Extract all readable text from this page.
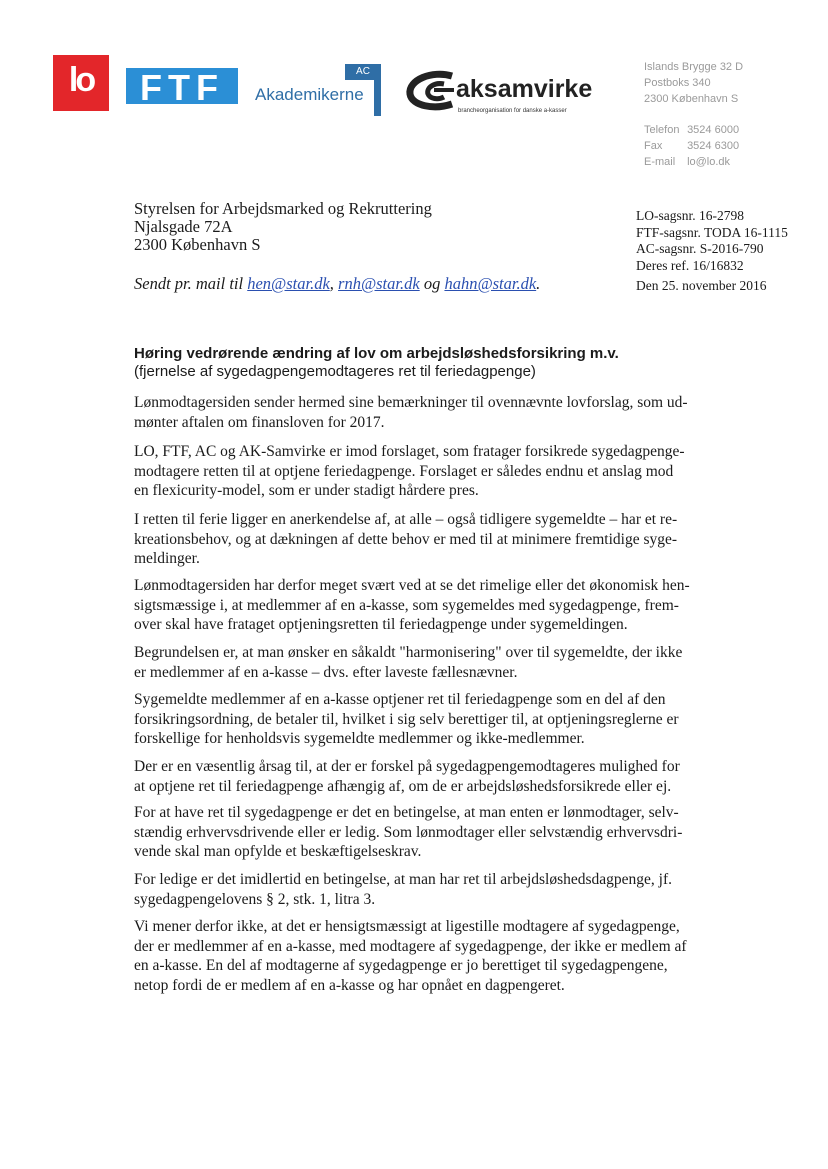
lo	FTF	AC
Akademikerne	aksamvirke
brancheorganisation for danske a-kasser
Islands Brygge 32 D
Postboks 340
2300 København S
Telefon 3524 6000
Fax 3524 6300
E-mail lo@lo.dk
Styrelsen for Arbejdsmarked og Rekruttering
Njalsgade 72A
2300 København S
Sendt pr. mail til hen@star.dk, rnh@star.dk og hahn@star.dk.
LO-sagsnr. 16-2798
FTF-sagsnr. TODA 16-1115
AC-sagsnr. S-2016-790
Deres ref. 16/16832
Den 25. november 2016
Høring vedrørende ændring af lov om arbejdsløshedsforsikring m.v.
(fjernelse af sygedagpengemodtageres ret til feriedagpenge)
Lønmodtagersiden sender hermed sine bemærkninger til ovennævnte lovforslag, som ud-
mønter aftalen om finansloven for 2017.
LO, FTF, AC og AK-Samvirke er imod forslaget, som fratager forsikrede sygedagpenge-
modtagere retten til at optjene feriedagpenge. Forslaget er således endnu et anslag mod
en flexicurity-model, som er under stadigt hårdere pres.
I retten til ferie ligger en anerkendelse af, at alle – også tidligere sygemeldte – har et re-
kreationsbehov, og at dækningen af dette behov er med til at minimere fremtidige syge-
meldinger.
Lønmodtagersiden har derfor meget svært ved at se det rimelige eller det økonomisk hen-
sigtsmæssige i, at medlemmer af en a-kasse, som sygemeldes med sygedagpenge, frem-
over skal have frataget optjeningsretten til feriedagpenge under sygemeldingen.
Begrundelsen er, at man ønsker en såkaldt "harmonisering" over til sygemeldte, der ikke
er medlemmer af en a-kasse – dvs. efter laveste fællesnævner.
Sygemeldte medlemmer af en a-kasse optjener ret til feriedagpenge som en del af den
forsikringsordning, de betaler til, hvilket i sig selv berettiger til, at optjeningsreglerne er
forskellige for henholdsvis sygemeldte medlemmer og ikke-medlemmer.
Der er en væsentlig årsag til, at der er forskel på sygedagpengemodtageres mulighed for
at optjene ret til feriedagpenge afhængig af, om de er arbejdsløshedsforsikrede eller ej.
For at have ret til sygedagpenge er det en betingelse, at man enten er lønmodtager, selv-
stændig erhvervsdrivende eller er ledig. Som lønmodtager eller selvstændig erhvervsdri-
vende skal man opfylde et beskæftigelseskrav.
For ledige er det imidlertid en betingelse, at man har ret til arbejdsløshedsdagpenge, jf.
sygedagpengelovens § 2, stk. 1, litra 3.
Vi mener derfor ikke, at det er hensigtsmæssigt at ligestille modtagere af sygedagpenge,
der er medlemmer af en a-kasse, med modtagere af sygedagpenge, der ikke er medlem af
en a-kasse. En del af modtagerne af sygedagpenge er jo berettiget til sygedagpengene,
netop fordi de er medlem af en a-kasse og har opnået en dagpengeret.
